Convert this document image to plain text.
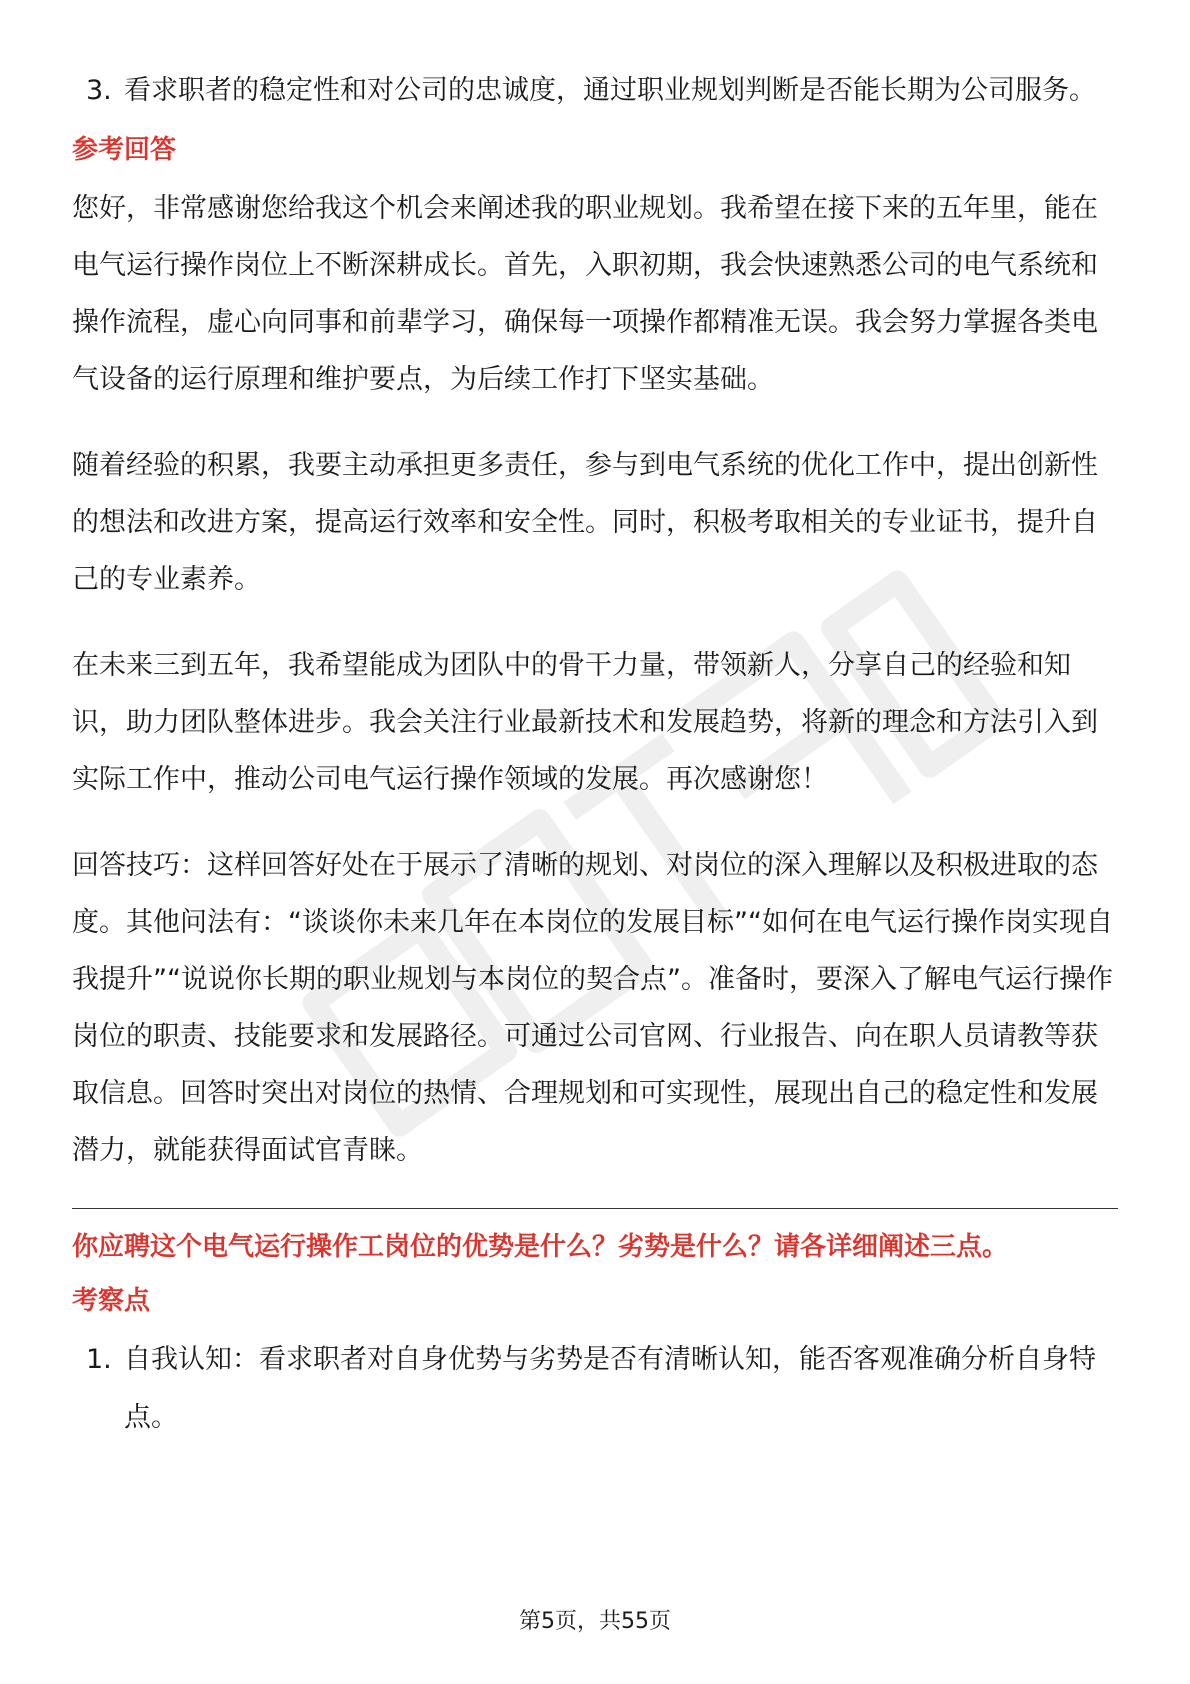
3. 看求职者的稳定性和对公司的忠诚度，通过职业规划判断是否能长期为公司服务。
参考回答

您好，非常感谢您给我这个机会来阐述我的职业规划。我希望在接下来的五年里，能在电气运行操作岗位上不断深耕成长。首先，入职初期，我会快速熟悉公司的电气系统和操作流程，虚心向同事和前辈学习，确保每一项操作都精准无误。我会努力掌握各类电气设备的运行原理和维护要点，为后续工作打下坚实基础。

随着经验的积累，我要主动承担更多责任，参与到电气系统的优化工作中，提出创新性的想法和改进方案，提高运行效率和安全性。同时，积极考取相关的专业证书，提升自己的专业素养。

在未来三到五年，我希望能成为团队中的骨干力量，带领新人，分享自己的经验和知识，助力团队整体进步。我会关注行业最新技术和发展趋势，将新的理念和方法引入到实际工作中，推动公司电气运行操作领域的发展。再次感谢您！

回答技巧：这样回答好处在于展示了清晰的规划、对岗位的深入理解以及积极进取的态度。其他问法有：“谈谈你未来几年在本岗位的发展目标”“如何在电气运行操作岗实现自我提升”“说说你长期的职业规划与本岗位的契合点”。准备时，要深入了解电气运行操作岗位的职责、技能要求和发展路径。可通过公司官网、行业报告、向在职人员请教等获取信息。回答时突出对岗位的热情、合理规划和可实现性，展现出自己的稳定性和发展潜力，就能获得面试官青睐。

你应聘这个电气运行操作工岗位的优势是什么？劣势是什么？请各详细阐述三点。
考察点
1. 自我认知：看求职者对自身优势与劣势是否有清晰认知，能否客观准确分析自身特点。
第5页，共55页
